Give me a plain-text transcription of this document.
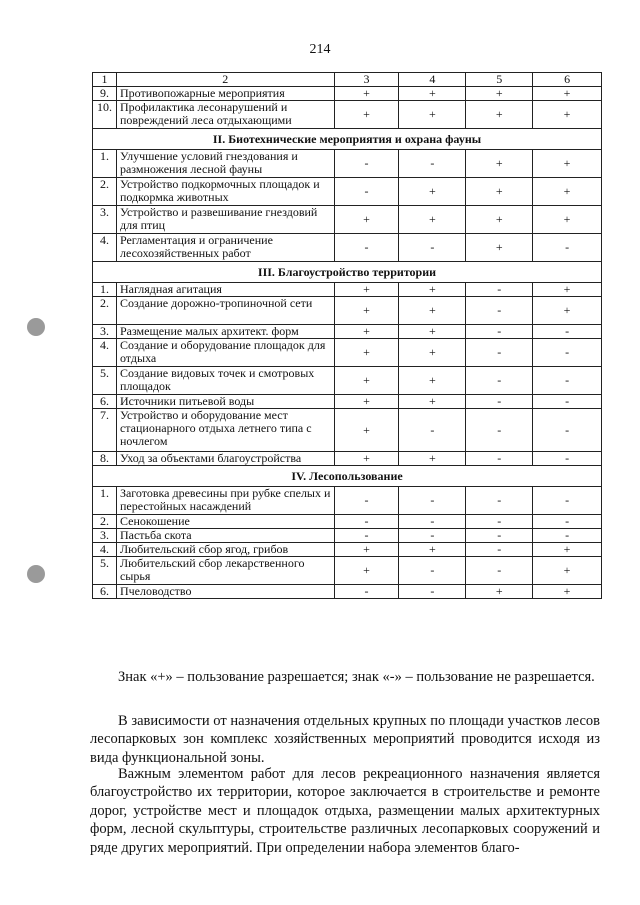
214
1	2	3	4	5	6
9.	Противопожарные мероприятия	+	+	+	+
10.	Профилактика лесонарушений и повреждений леса отдыхающими	+	+	+	+
II. Биотехнические мероприятия и охрана фауны					
1.	Улучшение условий гнездования и размножения лесной фауны	-	-	+	+
2.	Устройство подкормочных площадок и подкормка животных	-	+	+	+
3.	Устройство и развешивание гнездовий для птиц	+	+	+	+
4.	Регламентация и ограничение лесохозяйственных работ	-	-	+	-
III. Благоустройство территории					
1.	Наглядная агитация	+	+	-	+
2.	Создание дорожно-тропиночной сети	+	+	-	+
3.	Размещение малых архитект. форм	+	+	-	-
4.	Создание и оборудование площадок для отдыха	+	+	-	-
5.	Создание видовых точек и смотровых площадок	+	+	-	-
6.	Источники питьевой воды	+	+	-	-
7.	Устройство и оборудование мест стационарного отдыха летнего типа с ночлегом	+	-	-	-
8.	Уход за объектами благоустройства	+	+	-	-
IV. Лесопользование					
1.	Заготовка древесины при рубке спелых и перестойных насаждений	-	-	-	-
2.	Сенокошение	-	-	-	-
3.	Пастьба скота	-	-	-	-
4.	Любительский сбор ягод, грибов	+	+	-	+
5.	Любительский сбор лекарственного сырья	+	-	-	+
6.	Пчеловодство	-	-	+	+

Знак «+» – пользование разрешается; знак «-» – пользование не разрешается.

В зависимости от назначения отдельных крупных по площади участков лесов лесопарковых зон комплекс хозяйственных мероприятий проводится исходя из вида функциональной зоны.

Важным элементом работ для лесов рекреационного назначения является благоустройство их территории, которое заключается в строительстве и ремонте дорог, устройстве мест и площадок отдыха, размещении малых архитектурных форм, лесной скульптуры, строительстве различных лесопарковых сооружений и ряде других мероприятий. При определении набора элементов благо-
